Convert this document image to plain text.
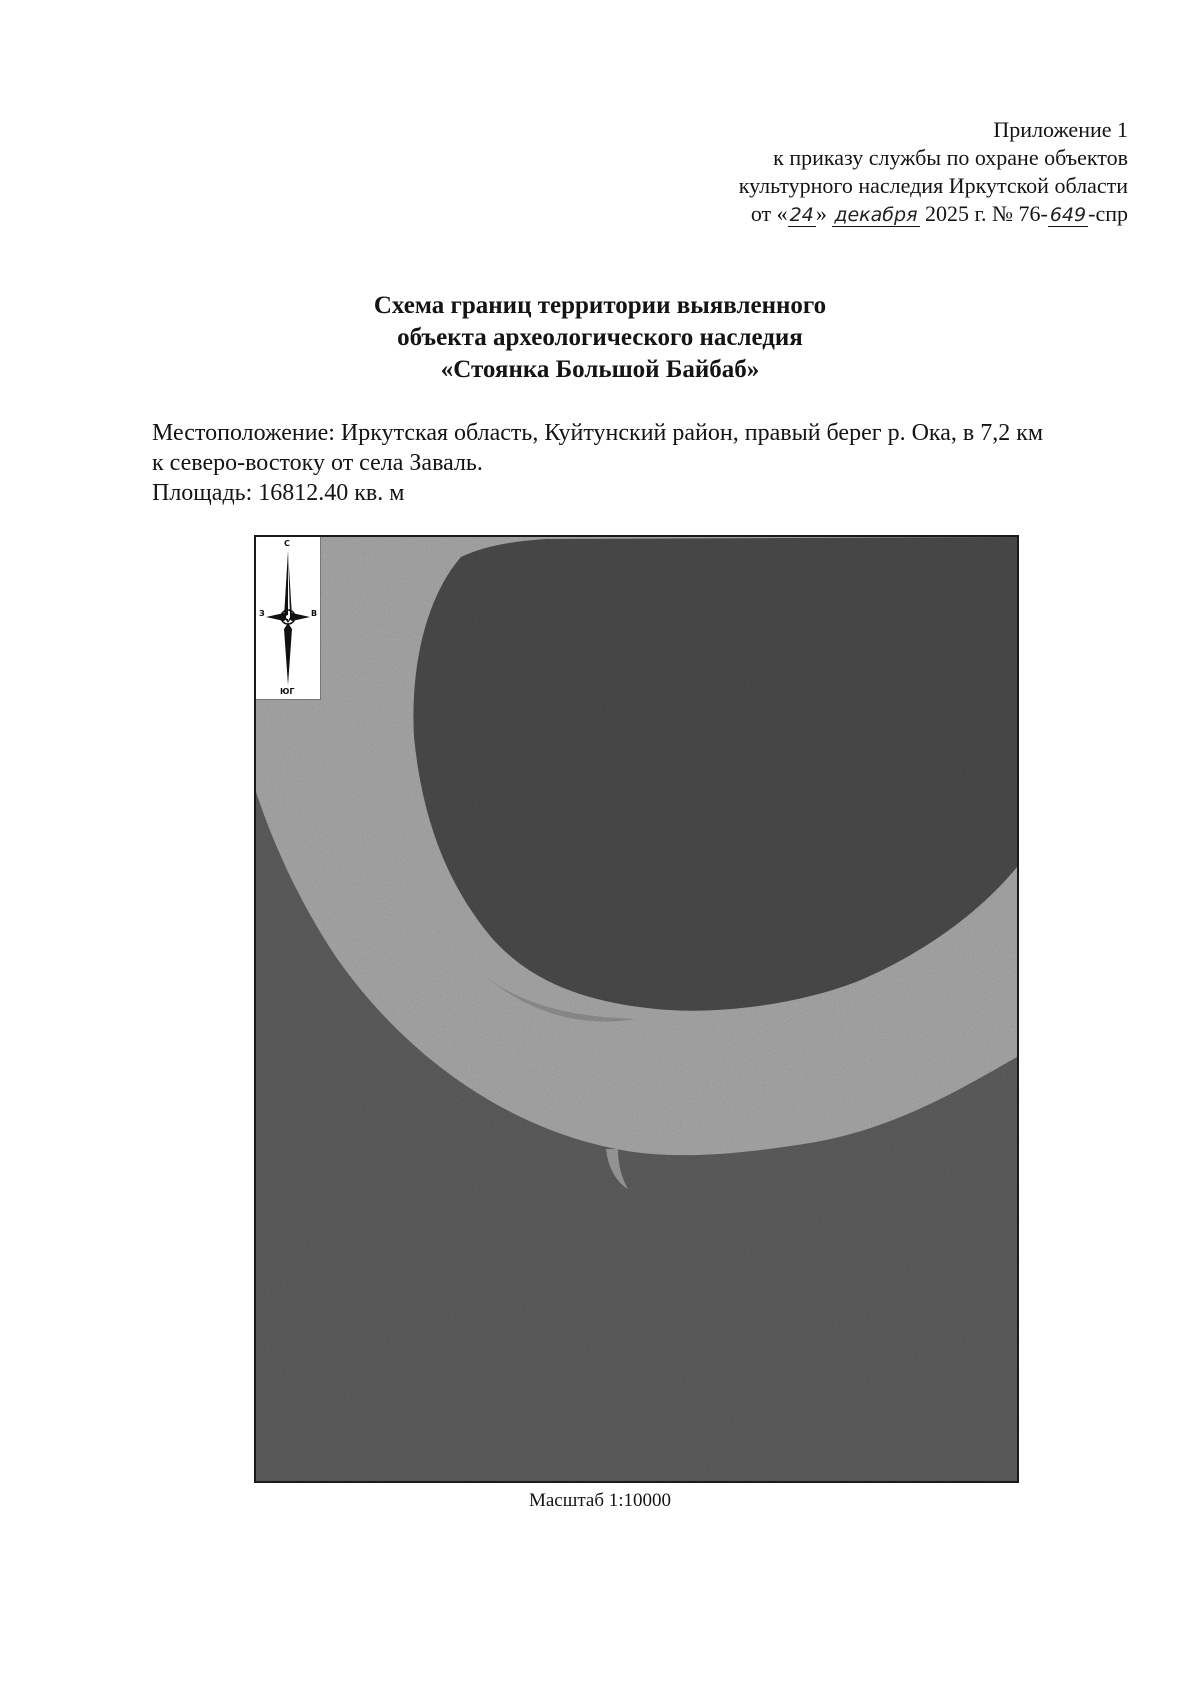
Приложение 1
к приказу службы по охране объектов
культурного наследия Иркутской области
от « 24» декабря 2025 г. № 76- 649-спр
Схема границ территории выявленного
объекта археологического наследия
«Стоянка Большой Байбаб»
Местоположение: Иркутская область, Куйтунский район, правый берег р. Ока, в 7,2 км
к северо-востоку от села Заваль.
Площадь: 16812.40 кв. м
С
З	В
ЮГ
Масштаб 1:10000
